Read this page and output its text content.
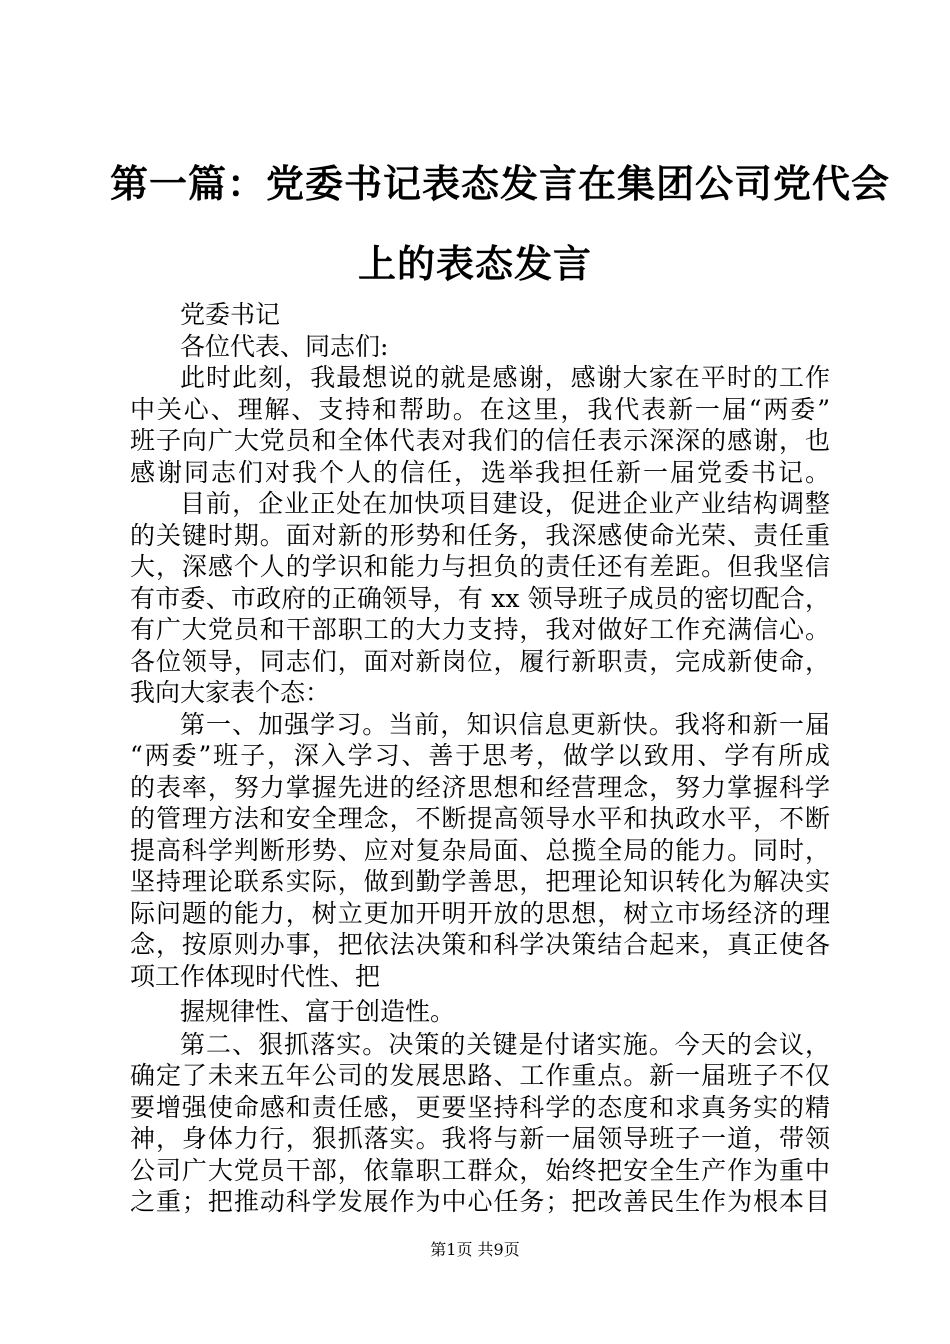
第一篇：党委书记表态发言在集团公司党代会
上的表态发言
党委书记
各位代表、同志们:
此时此刻，我最想说的就是感谢，感谢大家在平时的工作
中关心、理解、支持和帮助。在这里，我代表新一届“两委”
班子向广大党员和全体代表对我们的信任表示深深的感谢，也
感谢同志们对我个人的信任，选举我担任新一届党委书记。
目前，企业正处在加快项目建设，促进企业产业结构调整
的关键时期。面对新的形势和任务，我深感使命光荣、责任重
大，深感个人的学识和能力与担负的责任还有差距。但我坚信
有市委、市政府的正确领导，有 xx 领导班子成员的密切配合，
有广大党员和干部职工的大力支持，我对做好工作充满信心。
各位领导，同志们，面对新岗位，履行新职责，完成新使命，
我向大家表个态：
第一、加强学习。当前，知识信息更新快。我将和新一届
“两委”班子，深入学习、善于思考，做学以致用、学有所成
的表率，努力掌握先进的经济思想和经营理念，努力掌握科学
的管理方法和安全理念，不断提高领导水平和执政水平，不断
提高科学判断形势、应对复杂局面、总揽全局的能力。同时，
坚持理论联系实际，做到勤学善思，把理论知识转化为解决实
际问题的能力，树立更加开明开放的思想，树立市场经济的理
念，按原则办事，把依法决策和科学决策结合起来，真正使各
项工作体现时代性、把
握规律性、富于创造性。
第二、狠抓落实。决策的关键是付诸实施。今天的会议，
确定了未来五年公司的发展思路、工作重点。新一届班子不仅
要增强使命感和责任感，更要坚持科学的态度和求真务实的精
神，身体力行，狠抓落实。我将与新一届领导班子一道，带领
公司广大党员干部，依靠职工群众，始终把安全生产作为重中
之重；把推动科学发展作为中心任务；把改善民生作为根本目
第1页 共9页
